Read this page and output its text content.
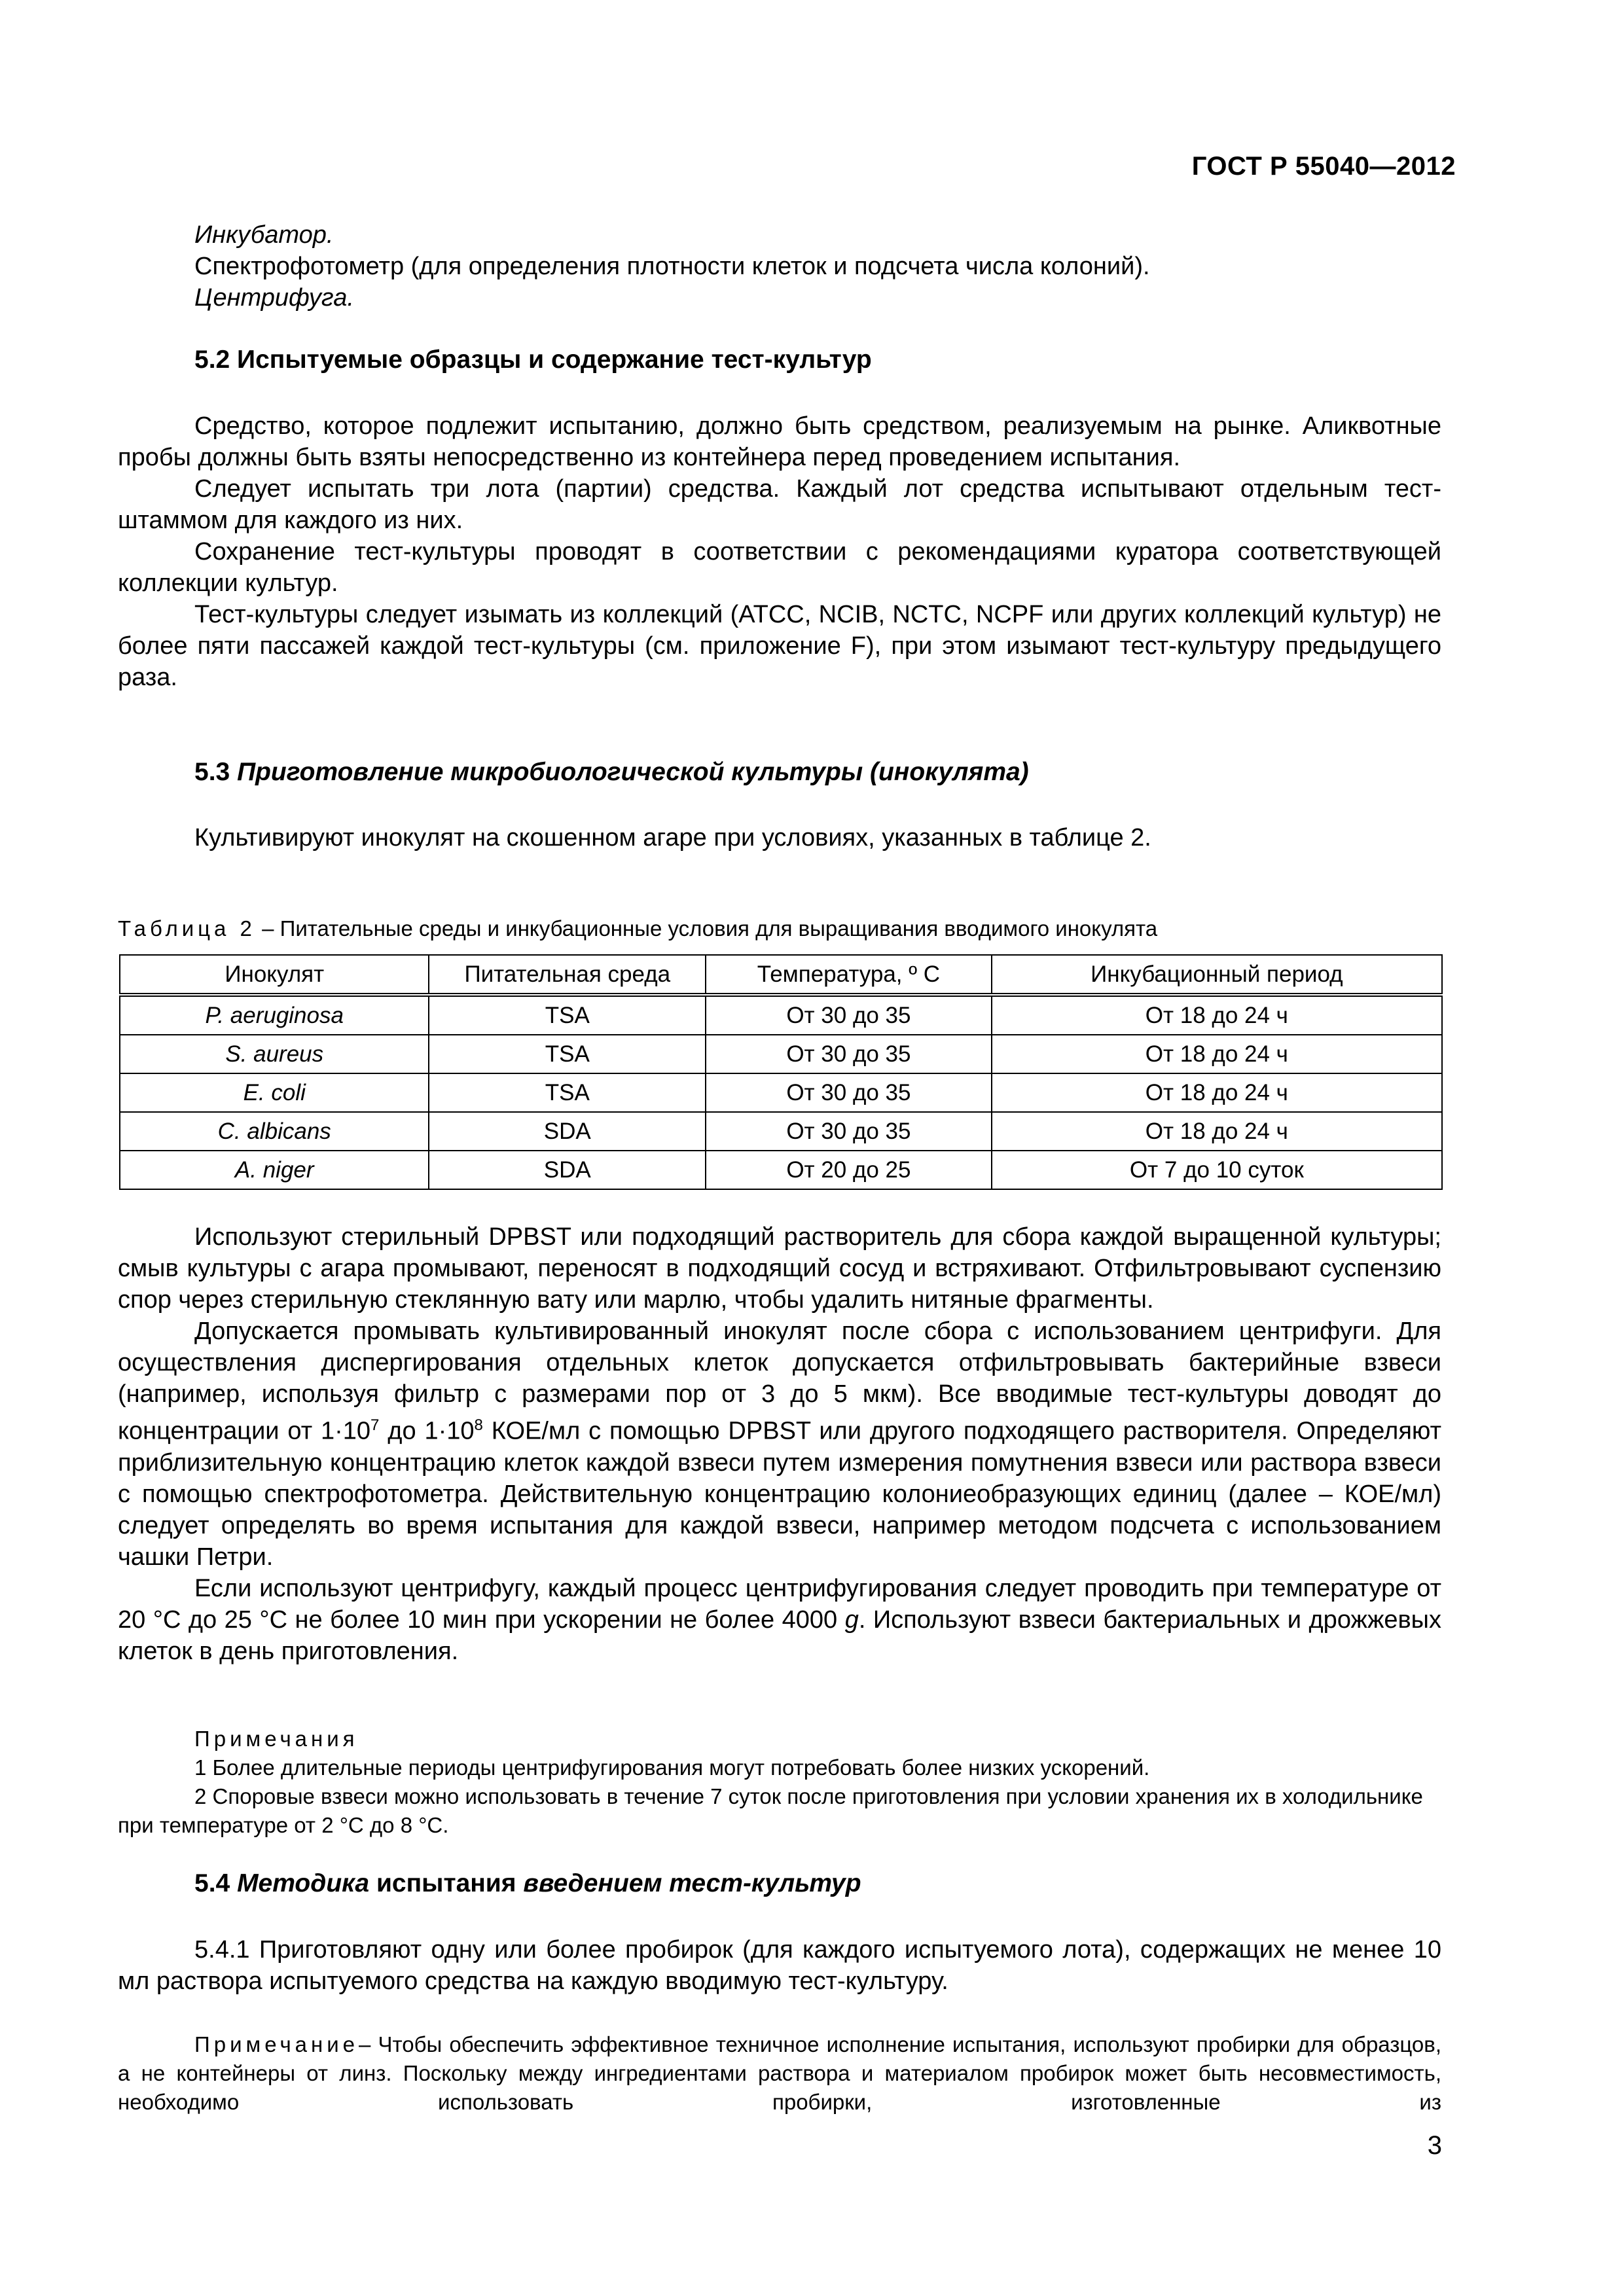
ГОСТ Р 55040—2012
Инкубатор.
Спектрофотометр (для определения плотности клеток и подсчета числа колоний).
Центрифуга.
5.2 Испытуемые образцы и содержание тест-культур

Средство, которое подлежит испытанию, должно быть средством, реализуемым на рынке. Аликвотные пробы должны быть взяты непосредственно из контейнера перед проведением испытания.

Следует испытать три лота (партии) средства. Каждый лот средства испытывают отдельным тест-штаммом для каждого из них.

Сохранение тест-культуры проводят в соответствии с рекомендациями куратора соответствующей коллекции культур.

Тест-культуры следует изымать из коллекций (АТСС, NCIB, NCTC, NCPF или других коллекций культур) не более пяти пассажей каждой тест-культуры (см. приложение F), при этом изымают тест-культуру предыдущего раза.

5.3 Приготовление микробиологической культуры (инокулята)

Культивируют инокулят на скошенном агаре при условиях, указанных в таблице 2.

Таблица 2 – Питательные среды и инкубационные условия для выращивания вводимого инокулята
Инокулят	Питательная среда	Температура, º С	Инкубационный период
P. aeruginosa	TSA	От 30 до 35	От 18 до 24 ч
S. aureus	TSA	От 30 до 35	От 18 до 24 ч
E. coli	TSA	От 30 до 35	От 18 до 24 ч
C. albicans	SDA	От 30 до 35	От 18 до 24 ч
A. niger	SDA	От 20 до 25	От 7 до 10 суток

Используют стерильный DPBST или подходящий растворитель для сбора каждой выращенной культуры; смыв культуры с агара промывают, переносят в подходящий сосуд и встряхивают. Отфильтровывают суспензию спор через стерильную стеклянную вату или марлю, чтобы удалить нитяные фрагменты.

Допускается промывать культивированный инокулят после сбора с использованием центрифуги. Для осуществления диспергирования отдельных клеток допускается отфильтровывать бактерийные взвеси (например, используя фильтр с размерами пор от 3 до 5 мкм). Все вводимые тест-культуры доводят до концентрации от $1\cdot 10^7$ до $1\cdot 10^8$ КОЕ/мл с помощью DPBST или другого подходящего растворителя. Определяют приблизительную концентрацию клеток каждой взвеси путем измерения помутнения взвеси или раствора взвеси с помощью спектрофотометра. Действительную концентрацию колониеобразующих единиц (далее – КОЕ/мл) следует определять во время испытания для каждой взвеси, например методом подсчета с использованием чашки Петри.

Если используют центрифугу, каждый процесс центрифугирования следует проводить при температуре от 20 °С до 25 °С не более 10 мин при ускорении не более 4000 g. Используют взвеси бактериальных и дрожжевых клеток в день приготовления.

Примечания

1 Более длительные периоды центрифугирования могут потребовать более низких ускорений.

2 Споровые взвеси можно использовать в течение 7 суток после приготовления при условии хранения их в холодильнике при температуре от 2 °С до 8 °С.

5.4 Методика испытания введением тест-культур

5.4.1 Приготовляют одну или более пробирок (для каждого испытуемого лота), содержащих не менее 10 мл раствора испытуемого средства на каждую вводимую тест-культуру.

Примечание– Чтобы обеспечить эффективное техничное исполнение испытания, используют пробирки для образцов, а не контейнеры от линз. Поскольку между ингредиентами раствора и материалом пробирок может быть несовместимость, необходимо использовать пробирки, изготовленные из

3
